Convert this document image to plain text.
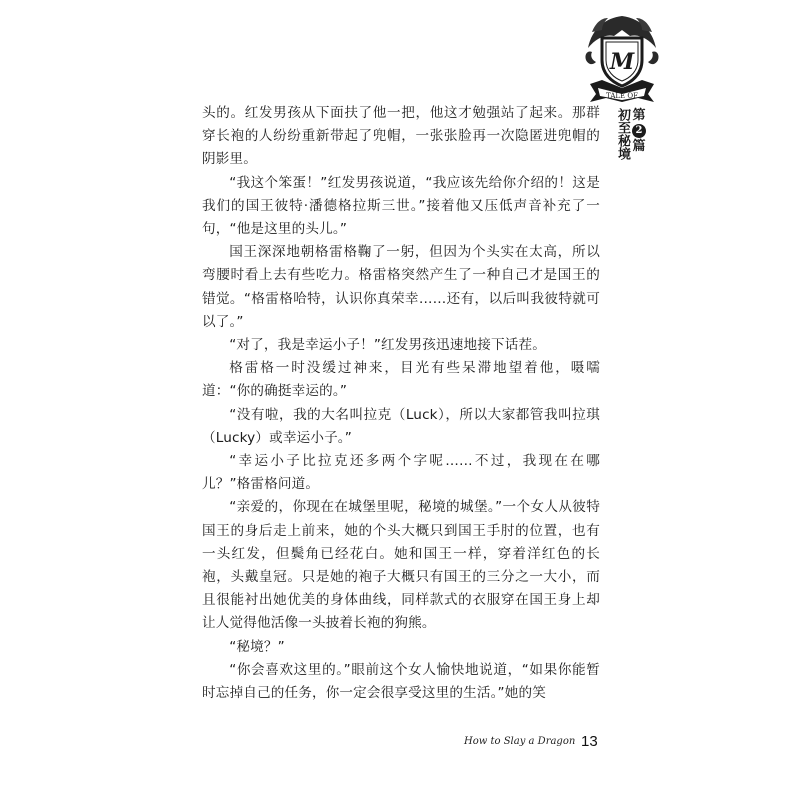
M
TALE OF
第
2
篇
初至秘境

头的。红发男孩从下面扶了他一把，他这才勉强站了起来。那群穿长袍的人纷纷重新带起了兜帽，一张张脸再一次隐匿进兜帽的阴影里。

“我这个笨蛋！”红发男孩说道，“我应该先给你介绍的！这是我们的国王彼特·潘德格拉斯三世。”接着他又压低声音补充了一句，“他是这里的头儿。”

国王深深地朝格雷格鞠了一躬，但因为个头实在太高，所以弯腰时看上去有些吃力。格雷格突然产生了一种自己才是国王的错觉。“格雷格哈特，认识你真荣幸……还有，以后叫我彼特就可以了。”

“对了，我是幸运小子！”红发男孩迅速地接下话茬。

格雷格一时没缓过神来，目光有些呆滞地望着他，嗫嚅道：“你的确挺幸运的。”

“没有啦，我的大名叫拉克（Luck），所以大家都管我叫拉琪（Lucky）或幸运小子。”

“幸运小子比拉克还多两个字呢……不过，我现在在哪儿？”格雷格问道。

“亲爱的，你现在在城堡里呢，秘境的城堡。”一个女人从彼特国王的身后走上前来，她的个头大概只到国王手肘的位置，也有一头红发，但鬓角已经花白。她和国王一样，穿着洋红色的长袍，头戴皇冠。只是她的袍子大概只有国王的三分之一大小，而且很能衬出她优美的身体曲线，同样款式的衣服穿在国王身上却让人觉得他活像一头披着长袍的狗熊。

“秘境？”

“你会喜欢这里的。”眼前这个女人愉快地说道，“如果你能暂时忘掉自己的任务，你一定会很享受这里的生活。”她的笑

How to Slay a Dragon 13
